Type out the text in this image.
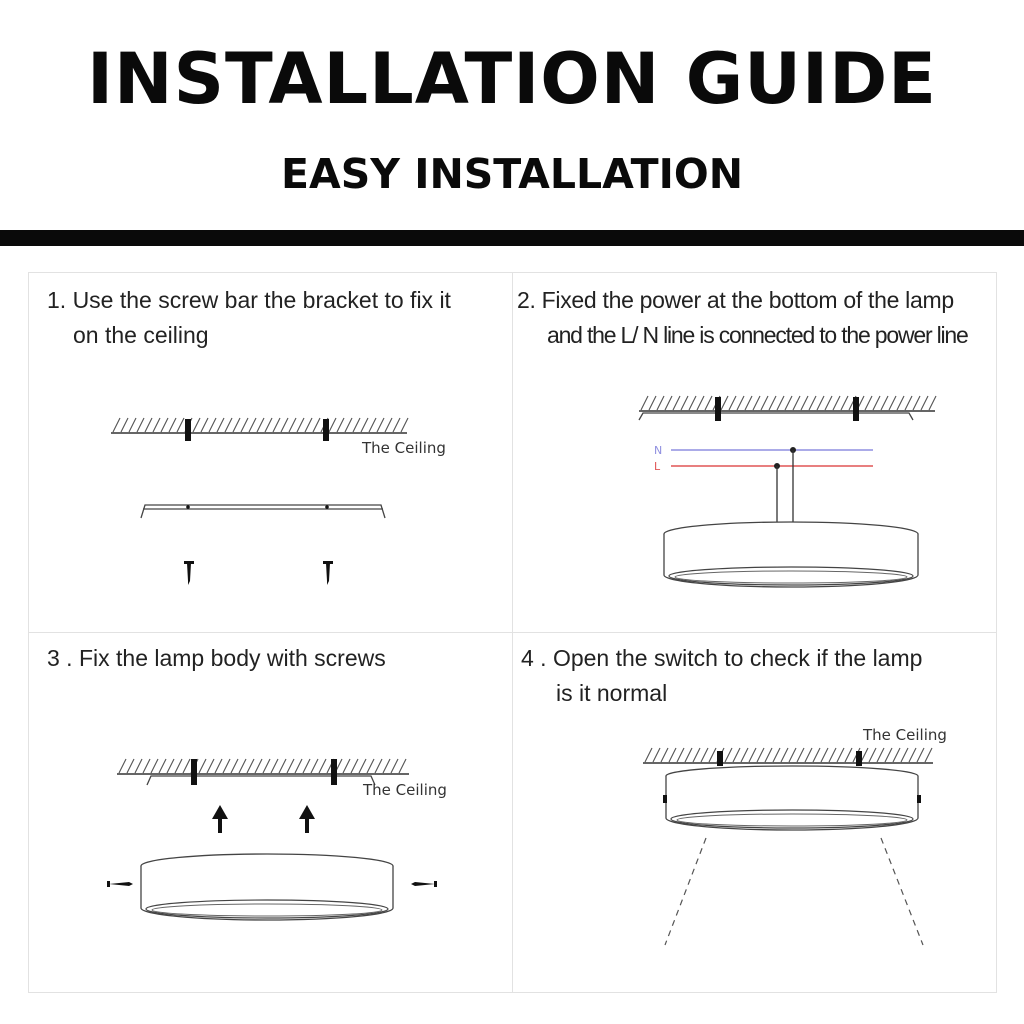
INSTALLATION GUIDE
EASY INSTALLATION
1. Use the screw bar the bracket to fix it
on the ceiling
The Ceiling
2. Fixed the power at the bottom of the lamp
and the L/ N line is connected to the power line
N
L
3 . Fix the lamp body with screws
The Ceiling
4 . Open the switch to check if the lamp
is it normal
The Ceiling
